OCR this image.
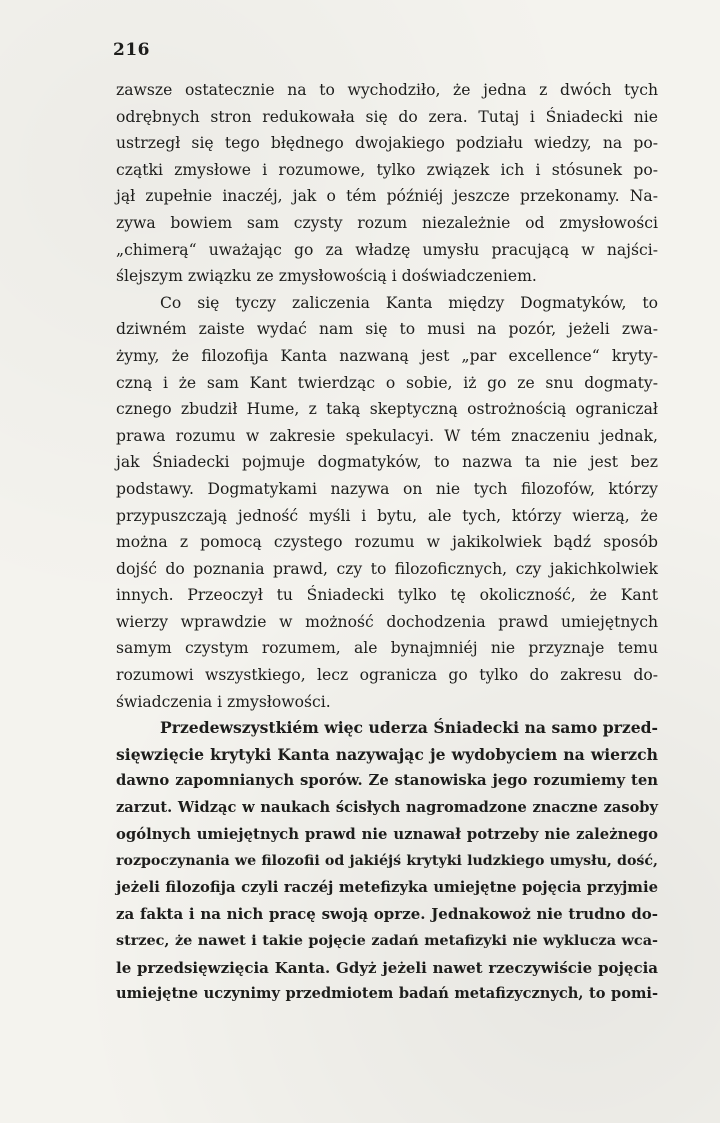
216
zawsze ostatecznie na to wychodziło, że jedna z dwóch tych
odrębnych stron redukowała się do zera. Tutaj i Śniadecki nie
ustrzegł się tego błędnego dwojakiego podziału wiedzy, na po-
czątki zmysłowe i rozumowe, tylko związek ich i stósunek po-
jął zupełnie inaczéj, jak o tém późniéj jeszcze przekonamy. Na-
zywa bowiem sam czysty rozum niezależnie od zmysłowości
„chimerą“ uważając go za władzę umysłu pracującą w najści-
ślejszym związku ze zmysłowością i doświadczeniem.
Co się tyczy zaliczenia Kanta między Dogmatyków, to
dziwném zaiste wydać nam się to musi na pozór, jeżeli zwa-
żymy, że filozofija Kanta nazwaną jest „par excellence“ kryty-
czną i że sam Kant twierdząc o sobie, iż go ze snu dogmaty-
cznego zbudził Hume, z taką skeptyczną ostrożnością ograniczał
prawa rozumu w zakresie spekulacyi. W tém znaczeniu jednak,
jak Śniadecki pojmuje dogmatyków, to nazwa ta nie jest bez
podstawy. Dogmatykami nazywa on nie tych filozofów, którzy
przypuszczają jedność myśli i bytu, ale tych, którzy wierzą, że
można z pomocą czystego rozumu w jakikolwiek bądź sposób
dojść do poznania prawd, czy to filozoficznych, czy jakichkolwiek
innych. Przeoczył tu Śniadecki tylko tę okoliczność, że Kant
wierzy wprawdzie w możność dochodzenia prawd umiejętnych
samym czystym rozumem, ale bynajmniéj nie przyznaje temu
rozumowi wszystkiego, lecz ogranicza go tylko do zakresu do-
świadczenia i zmysłowości.
Przedewszystkiém więc uderza Śniadecki na samo przed-
sięwzięcie krytyki Kanta nazywając je wydobyciem na wierzch
dawno zapomnianych sporów. Ze stanowiska jego rozumiemy ten
zarzut. Widząc w naukach ścisłych nagromadzone znaczne zasoby
ogólnych umiejętnych prawd nie uznawał potrzeby nie zależnego
rozpoczynania we filozofii od jakiéjś krytyki ludzkiego umysłu, dość,
jeżeli filozofija czyli raczéj metefizyka umiejętne pojęcia przyjmie
za fakta i na nich pracę swoją oprze. Jednakowoż nie trudno do-
strzec, że nawet i takie pojęcie zadań metafizyki nie wyklucza wca-
le przedsięwzięcia Kanta. Gdyż jeżeli nawet rzeczywiście pojęcia
umiejętne uczynimy przedmiotem badań metafizycznych, to pomi-
